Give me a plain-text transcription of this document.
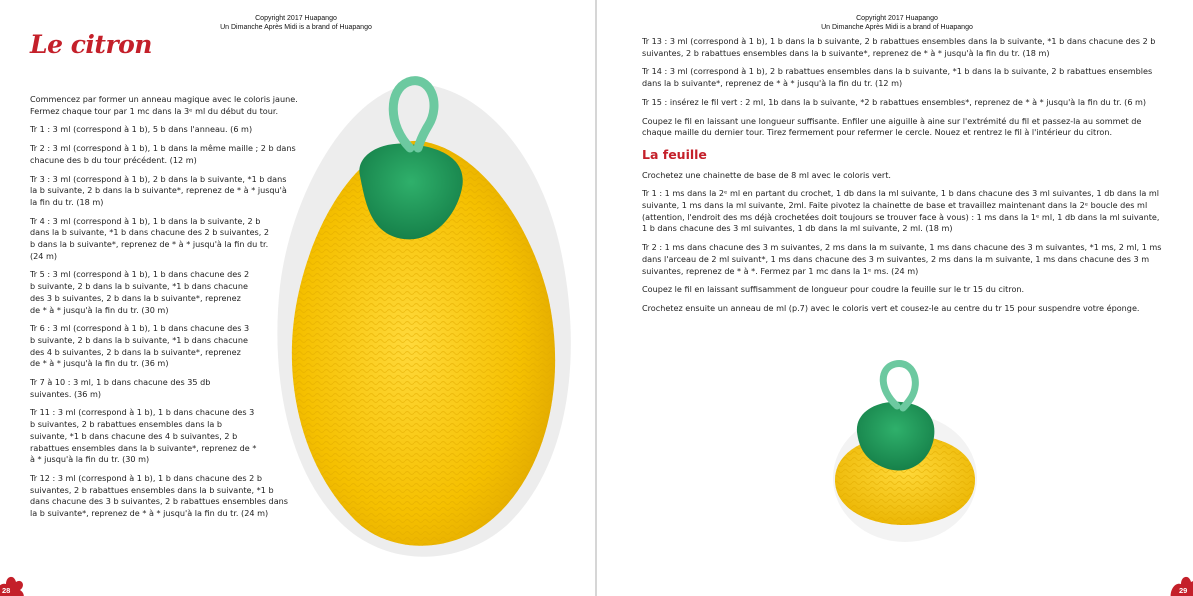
Copyright 2017 Huapango
Un Dimanche Après Midi is a brand of Huapango
Le citron

Commencez par former un anneau magique avec le coloris jaune. Fermez chaque tour par 1 mc dans la 3ᵉ ml du début du tour.

Tr 1 : 3 ml (correspond à 1 b), 5 b dans l'anneau. (6 m)

Tr 2 : 3 ml (correspond à 1 b), 1 b dans la même maille ; 2 b dans chacune des b du tour précédent. (12 m)

Tr 3 : 3 ml (correspond à 1 b), 2 b dans la b suivante, *1 b dans la b suivante, 2 b dans la b suivante*, reprenez de * à * jusqu'à la fin du tr. (18 m)

Tr 4 : 3 ml (correspond à 1 b), 1 b dans la b suivante, 2 b dans la b suivante, *1 b dans chacune des 2 b suivantes, 2 b dans la b suivante*, reprenez de * à * jusqu'à la fin du tr. (24 m)

Tr 5 : 3 ml (correspond à 1 b), 1 b dans chacune des 2 b suivante, 2 b dans la b suivante, *1 b dans chacune des 3 b suivantes, 2 b dans la b suivante*, reprenez de * à * jusqu'à la fin du tr. (30 m)

Tr 6 : 3 ml (correspond à 1 b), 1 b dans chacune des 3 b suivante, 2 b dans la b suivante, *1 b dans chacune des 4 b suivantes, 2 b dans la b suivante*, reprenez de * à * jusqu'à la fin du tr. (36 m)

Tr 7 à 10 : 3 ml, 1 b dans chacune des 35 db suivantes. (36 m)

Tr 11 : 3 ml (correspond à 1 b), 1 b dans chacune des 3 b suivantes, 2 b rabattues ensembles dans la b suivante, *1 b dans chacune des 4 b suivantes, 2 b rabattues ensembles dans la b suivante*, reprenez de * à * jusqu'à la fin du tr. (30 m)

Tr 12 : 3 ml (correspond à 1 b), 1 b dans chacune des 2 b suivantes, 2 b rabattues ensembles dans la b suivante, *1 b dans chacune des 3 b suivantes, 2 b rabattues ensembles dans la b suivante*, reprenez de * à * jusqu'à la fin du tr. (24 m)

28
Copyright 2017 Huapango
Un Dimanche Après Midi is a brand of Huapango

Tr 13 : 3 ml (correspond à 1 b), 1 b dans la b suivante, 2 b rabattues ensembles dans la b suivante, *1 b dans chacune des 2 b suivantes, 2 b rabattues ensembles dans la b suivante*, reprenez de * à * jusqu'à la fin du tr. (18 m)

Tr 14 : 3 ml (correspond à 1 b), 2 b rabattues ensembles dans la b suivante, *1 b dans la b suivante, 2 b rabattues ensembles dans la b suivante*, reprenez de * à * jusqu'à la fin du tr. (12 m)

Tr 15 : insérez le fil vert : 2 ml, 1b dans la b suivante, *2 b rabattues ensembles*, reprenez de * à * jusqu'à la fin du tr. (6 m)

Coupez le fil en laissant une longueur suffisante. Enfiler une aiguille à aine sur l'extrémité du fil et passez-la au sommet de chaque maille du dernier tour. Tirez fermement pour refermer le cercle. Nouez et rentrez le fil à l'intérieur du citron.

La feuille

Crochetez une chainette de base de 8 ml avec le coloris vert.

Tr 1 : 1 ms dans la 2ᵉ ml en partant du crochet, 1 db dans la ml suivante, 1 b dans chacune des 3 ml suivantes, 1 db dans la ml suivante, 1 ms dans la ml suivante, 2ml. Faite pivotez la chainette de base et travaillez maintenant dans la 2ᵉ boucle des ml (attention, l'endroit des ms déjà crochetées doit toujours se trouver face à vous) : 1 ms dans la 1ᵉ ml, 1 db dans la ml suivante, 1 b dans chacune des 3 ml suivantes, 1 db dans la ml suivante, 2 ml. (18 m)

Tr 2 : 1 ms dans chacune des 3 m suivantes, 2 ms dans la m suivante, 1 ms dans chacune des 3 m suivantes, *1 ms, 2 ml, 1 ms dans l'arceau de 2 ml suivant*, 1 ms dans chacune des 3 m suivantes, 2 ms dans la m suivante, 1 ms dans chacune des 3 m suivantes, reprenez de * à *. Fermez par 1 mc dans la 1ᵉ ms. (24 m)

Coupez le fil en laissant suffisamment de longueur pour coudre la feuille sur le tr 15 du citron.

Crochetez ensuite un anneau de ml (p.7) avec le coloris vert et cousez-le au centre du tr 15 pour suspendre votre éponge.

29
